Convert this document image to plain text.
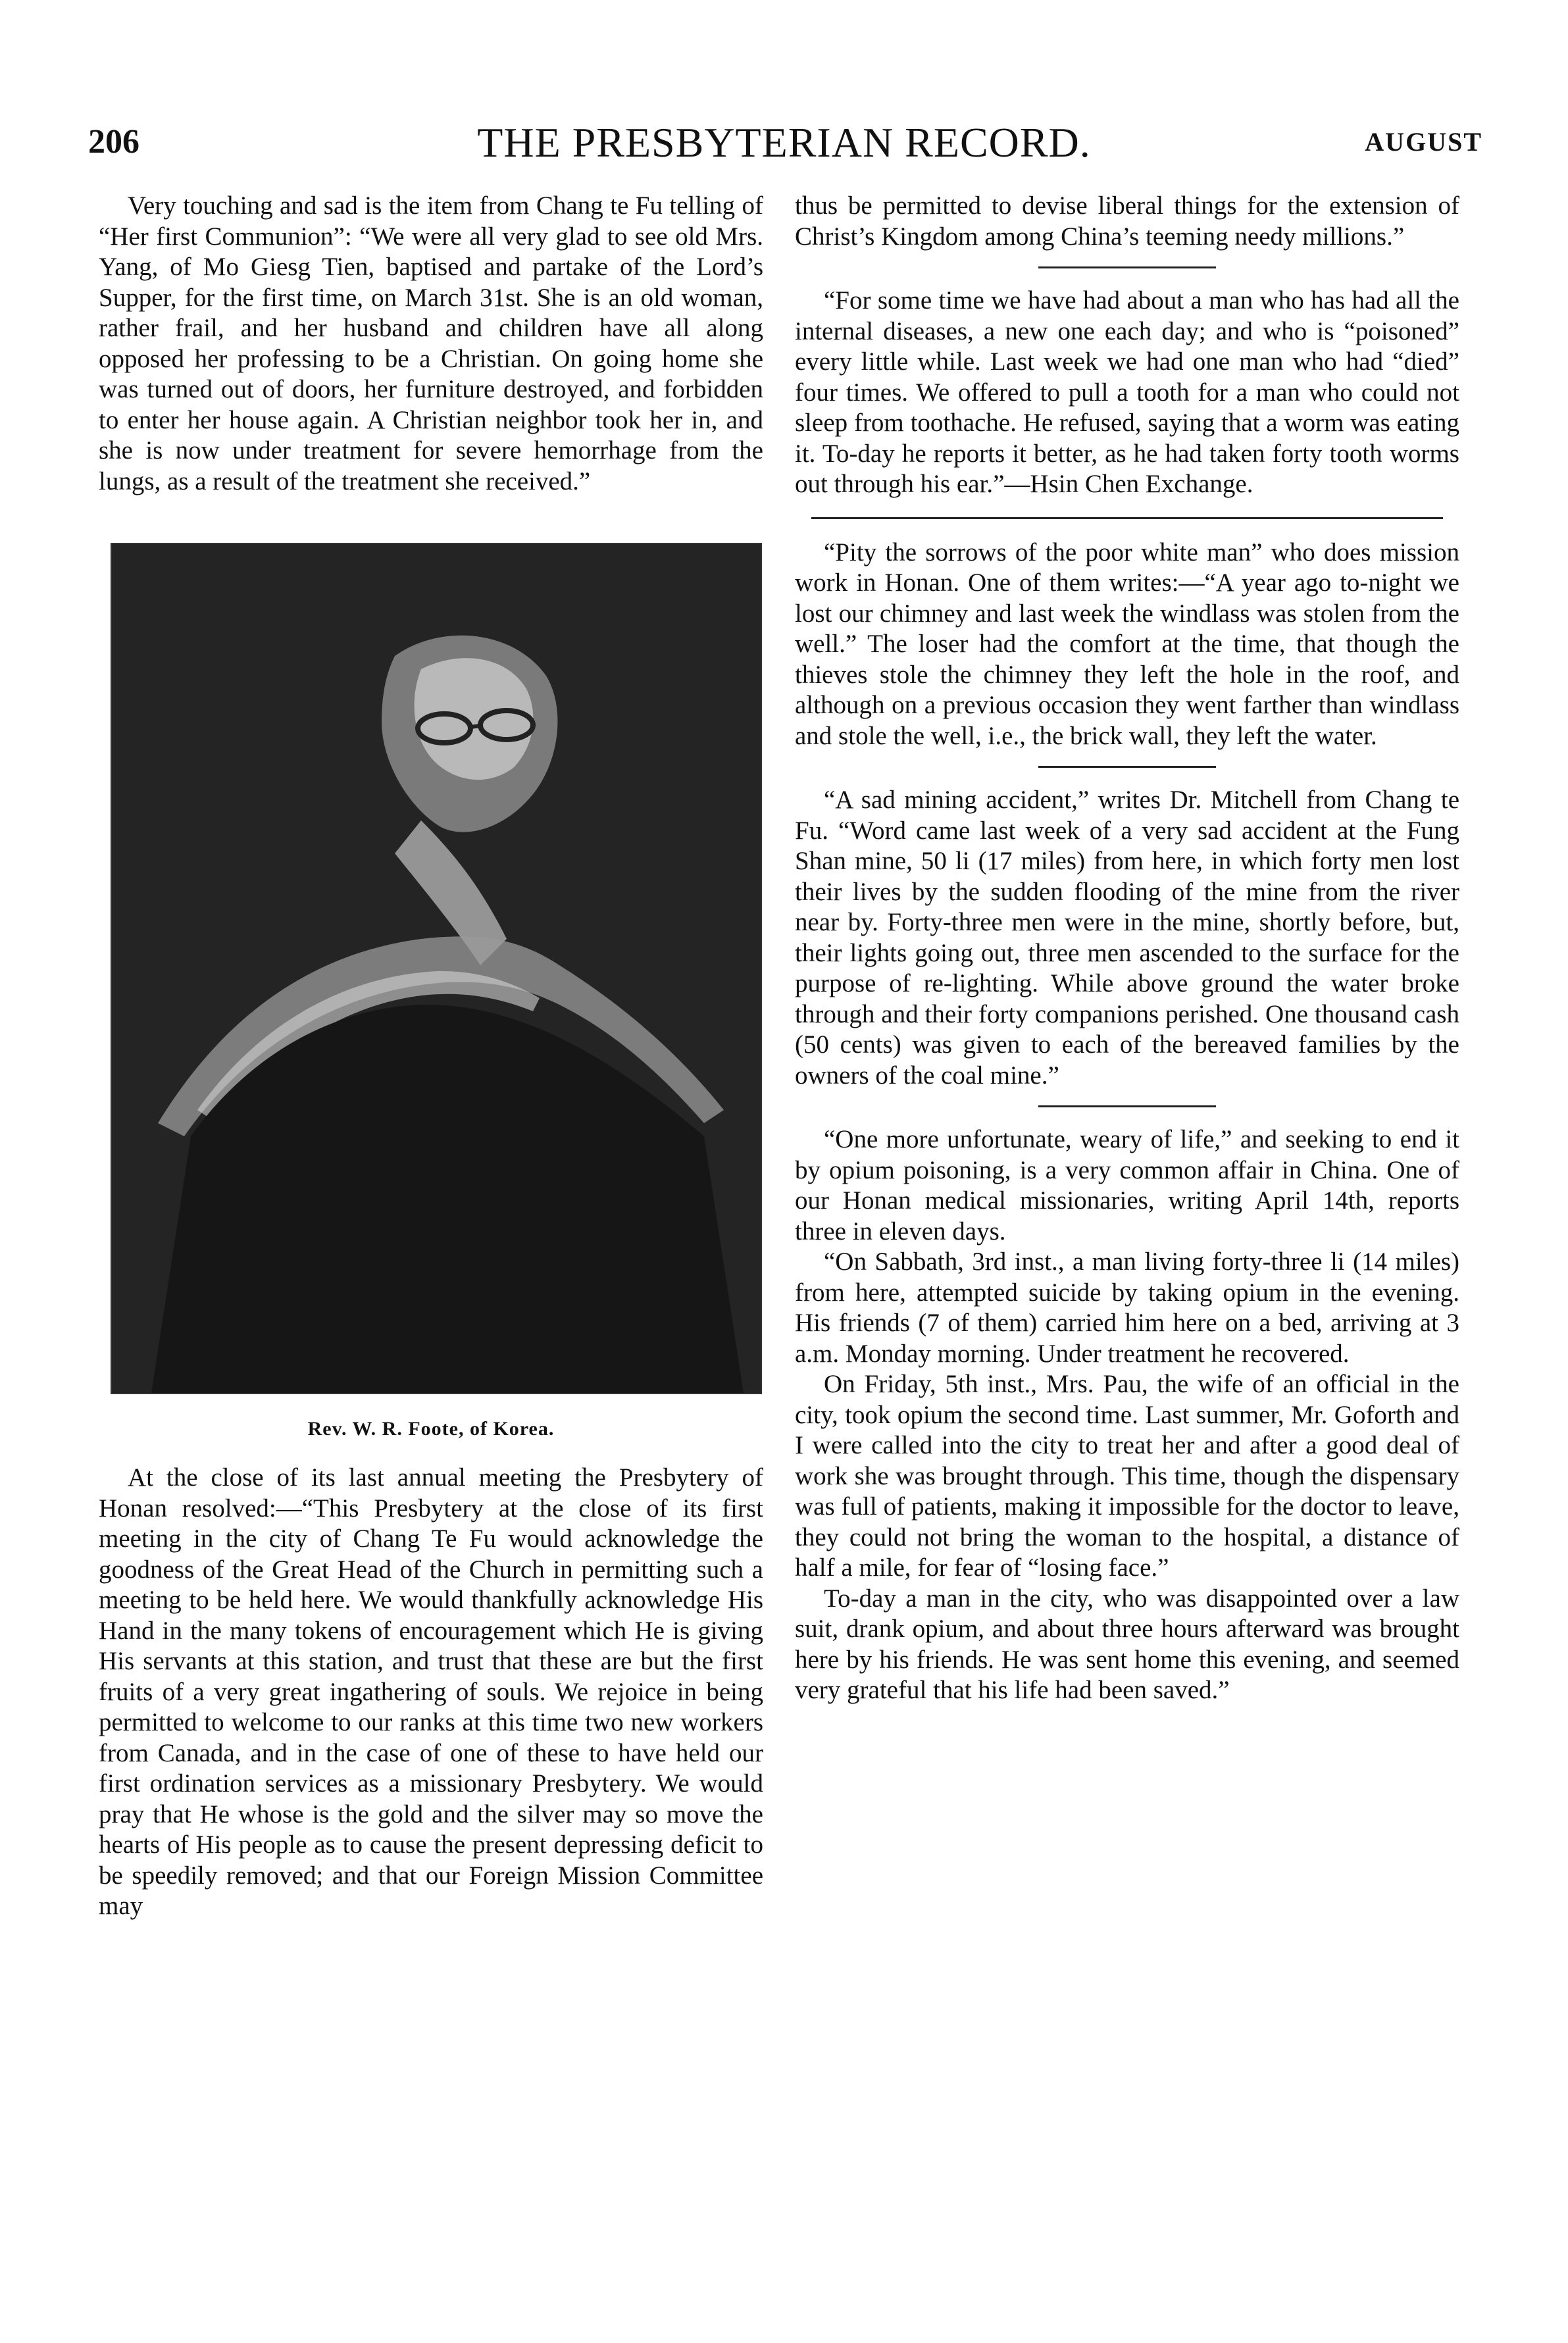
206	THE PRESBYTERIAN RECORD.	AUGUST

Very touching and sad is the item from Chang te Fu telling of “Her first Communion”: “We were all very glad to see old Mrs. Yang, of Mo Giesg Tien, baptised and partake of the Lord’s Supper, for the first time, on March 31st. She is an old woman, rather frail, and her husband and children have all along opposed her professing to be a Christian. On going home she was turned out of doors, her furniture destroyed, and forbidden to enter her house again. A Christian neighbor took her in, and she is now under treatment for severe hemorrhage from the lungs, as a result of the treatment she received.”

Rev. W. R. Foote, of Korea.

At the close of its last annual meeting the Presbytery of Honan resolved:—“This Presbytery at the close of its first meeting in the city of Chang Te Fu would acknowledge the goodness of the Great Head of the Church in permitting such a meeting to be held here. We would thankfully acknowledge His Hand in the many tokens of encouragement which He is giving His servants at this station, and trust that these are but the first fruits of a very great ingathering of souls. We rejoice in being permitted to welcome to our ranks at this time two new workers from Canada, and in the case of one of these to have held our first ordination services as a missionary Presbytery. We would pray that He whose is the gold and the silver may so move the hearts of His people as to cause the present depressing deficit to be speedily removed; and that our Foreign Mission Committee may

thus be permitted to devise liberal things for the extension of Christ’s Kingdom among China’s teeming needy millions.”

“For some time we have had about a man who has had all the internal diseases, a new one each day; and who is “poisoned” every little while. Last week we had one man who had “died” four times. We offered to pull a tooth for a man who could not sleep from toothache. He refused, saying that a worm was eating it. To-day he reports it better, as he had taken forty tooth worms out through his ear.”—Hsin Chen Exchange.

“Pity the sorrows of the poor white man” who does mission work in Honan. One of them writes:—“A year ago to-night we lost our chimney and last week the windlass was stolen from the well.” The loser had the comfort at the time, that though the thieves stole the chimney they left the hole in the roof, and although on a previous occasion they went farther than windlass and stole the well, i.e., the brick wall, they left the water.

“A sad mining accident,” writes Dr. Mitchell from Chang te Fu. “Word came last week of a very sad accident at the Fung Shan mine, 50 li (17 miles) from here, in which forty men lost their lives by the sudden flooding of the mine from the river near by. Forty-three men were in the mine, shortly before, but, their lights going out, three men ascended to the surface for the purpose of re-lighting. While above ground the water broke through and their forty companions perished. One thousand cash (50 cents) was given to each of the bereaved families by the owners of the coal mine.”

“One more unfortunate, weary of life,” and seeking to end it by opium poisoning, is a very common affair in China. One of our Honan medical missionaries, writing April 14th, reports three in eleven days.

“On Sabbath, 3rd inst., a man living forty-three li (14 miles) from here, attempted suicide by taking opium in the evening. His friends (7 of them) carried him here on a bed, arriving at 3 a.m. Monday morning. Under treatment he recovered.

On Friday, 5th inst., Mrs. Pau, the wife of an official in the city, took opium the second time. Last summer, Mr. Goforth and I were called into the city to treat her and after a good deal of work she was brought through. This time, though the dispensary was full of patients, making it impossible for the doctor to leave, they could not bring the woman to the hospital, a distance of half a mile, for fear of “losing face.”

To-day a man in the city, who was disappointed over a law suit, drank opium, and about three hours afterward was brought here by his friends. He was sent home this evening, and seemed very grateful that his life had been saved.”
